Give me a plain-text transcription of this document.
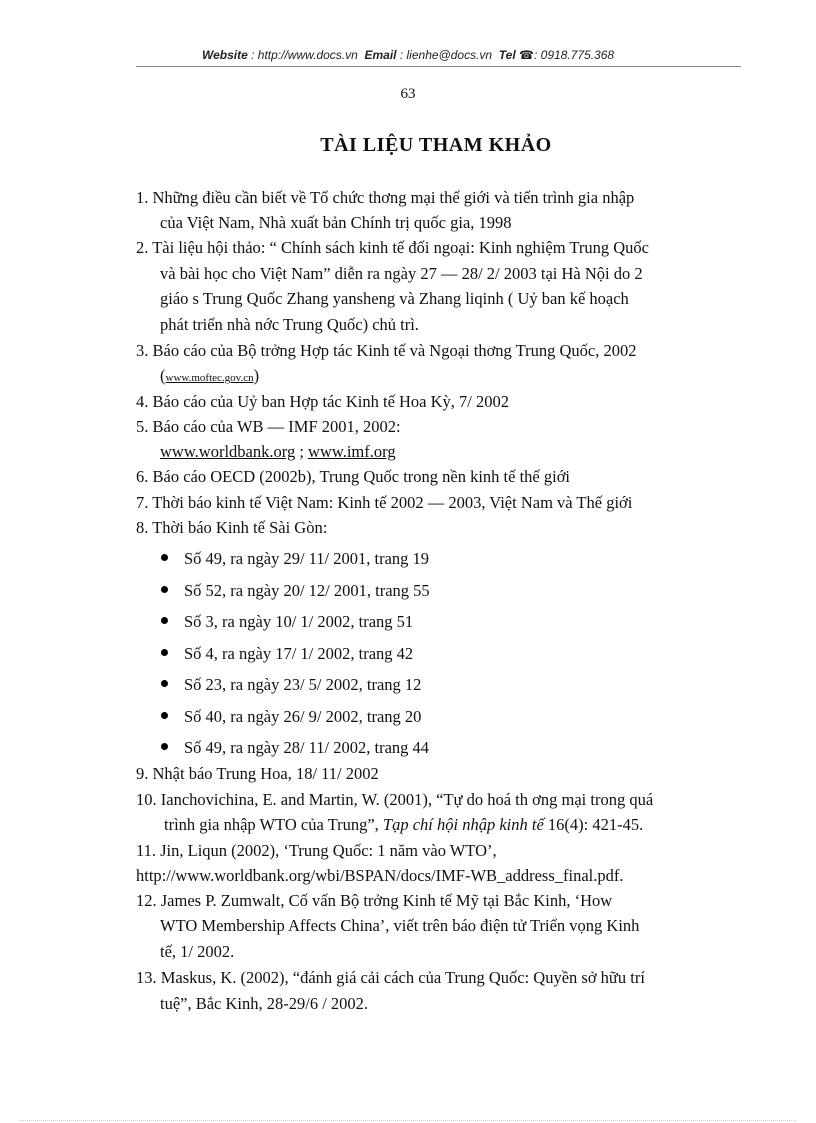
Website : http://www.docs.vn Email : lienhe@docs.vn Tel ☎: 0918.775.368
63
TÀI LIỆU THAM KHẢO
1. Những điều cần biết về Tổ chức thơng mại thế giới và tiến trình gia nhập
của Việt Nam, Nhà xuất bản Chính trị quốc gia, 1998
2. Tài liệu hội thảo: “ Chính sách kinh tế đối ngoại: Kinh nghiệm Trung Quốc
và bài học cho Việt Nam” diễn ra ngày 27 — 28/ 2/ 2003 tại Hà Nội do 2
giáo s Trung Quốc Zhang yansheng và Zhang liqinh ( Uỷ ban kế hoạch
phát triển nhà nớc Trung Quốc) chủ trì.
3. Báo cáo của Bộ trởng Hợp tác Kinh tế và Ngoại thơng Trung Quốc, 2002
(www.moftec.gov.cn)
4. Báo cáo của Uỷ ban Hợp tác Kinh tế Hoa Kỳ, 7/ 2002
5. Báo cáo của WB — IMF 2001, 2002:
www.worldbank.org ; www.imf.org
6. Báo cáo OECD (2002b), Trung Quốc trong nền kinh tế thế giới
7. Thời báo kinh tế Việt Nam: Kinh tế 2002 — 2003, Việt Nam và Thế giới
8. Thời báo Kinh tế Sài Gòn:
Số 49, ra ngày 29/ 11/ 2001, trang 19
Số 52, ra ngày 20/ 12/ 2001, trang 55
Số 3, ra ngày 10/ 1/ 2002, trang 51
Số 4, ra ngày 17/ 1/ 2002, trang 42
Số 23, ra ngày 23/ 5/ 2002, trang 12
Số 40, ra ngày 26/ 9/ 2002, trang 20
Số 49, ra ngày 28/ 11/ 2002, trang 44
9. Nhật báo Trung Hoa, 18/ 11/ 2002
10. Ianchovichina, E. and Martin, W. (2001), “Tự do hoá th ơng mại trong quá
trình gia nhập WTO của Trung”, Tạp chí hội nhập kinh tế 16(4): 421-45.
11. Jin, Liqun (2002), ‘Trung Quốc: 1 năm vào WTO’,
http://www.worldbank.org/wbi/BSPAN/docs/IMF-WB_address_final.pdf.
12. James P. Zumwalt, Cố vấn Bộ trởng Kinh tế Mỹ tại Bắc Kinh, ‘How
WTO Membership Affects China’, viết trên báo điện tử Triển vọng Kinh
tế, 1/ 2002.
13. Maskus, K. (2002), “đánh giá cải cách của Trung Quốc: Quyền sở hữu trí
tuệ”, Bắc Kinh, 28-29/6 / 2002.
